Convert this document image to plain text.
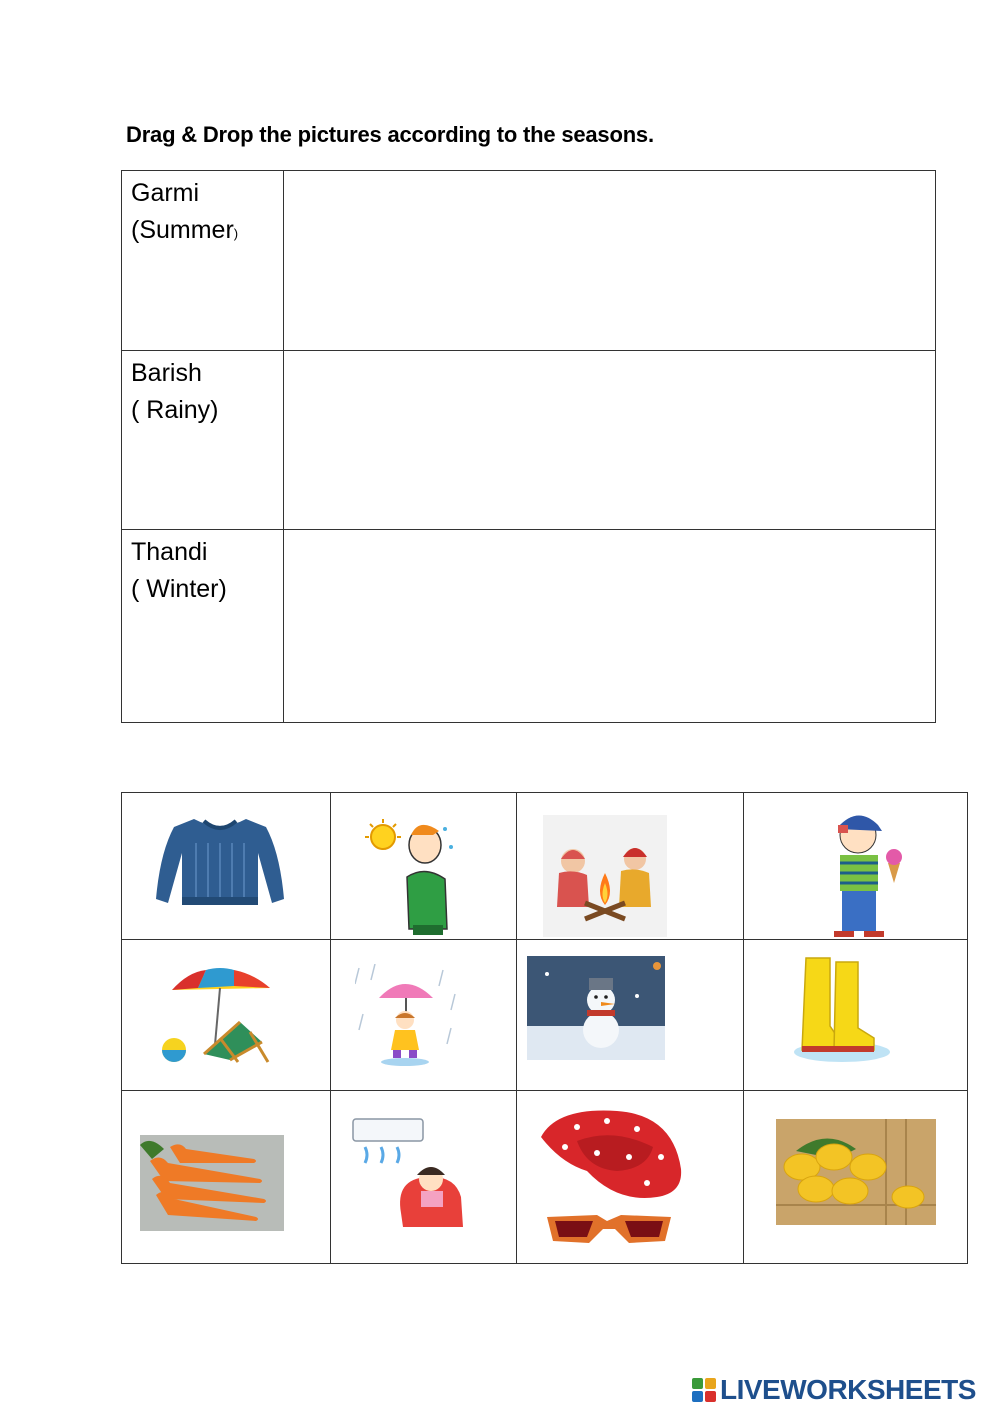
Drag & Drop the pictures according to the seasons.
Garmi
(Summer)	

Barish
( Rainy)	

Thandi
( Winter)	

LIVEWORKSHEETS
